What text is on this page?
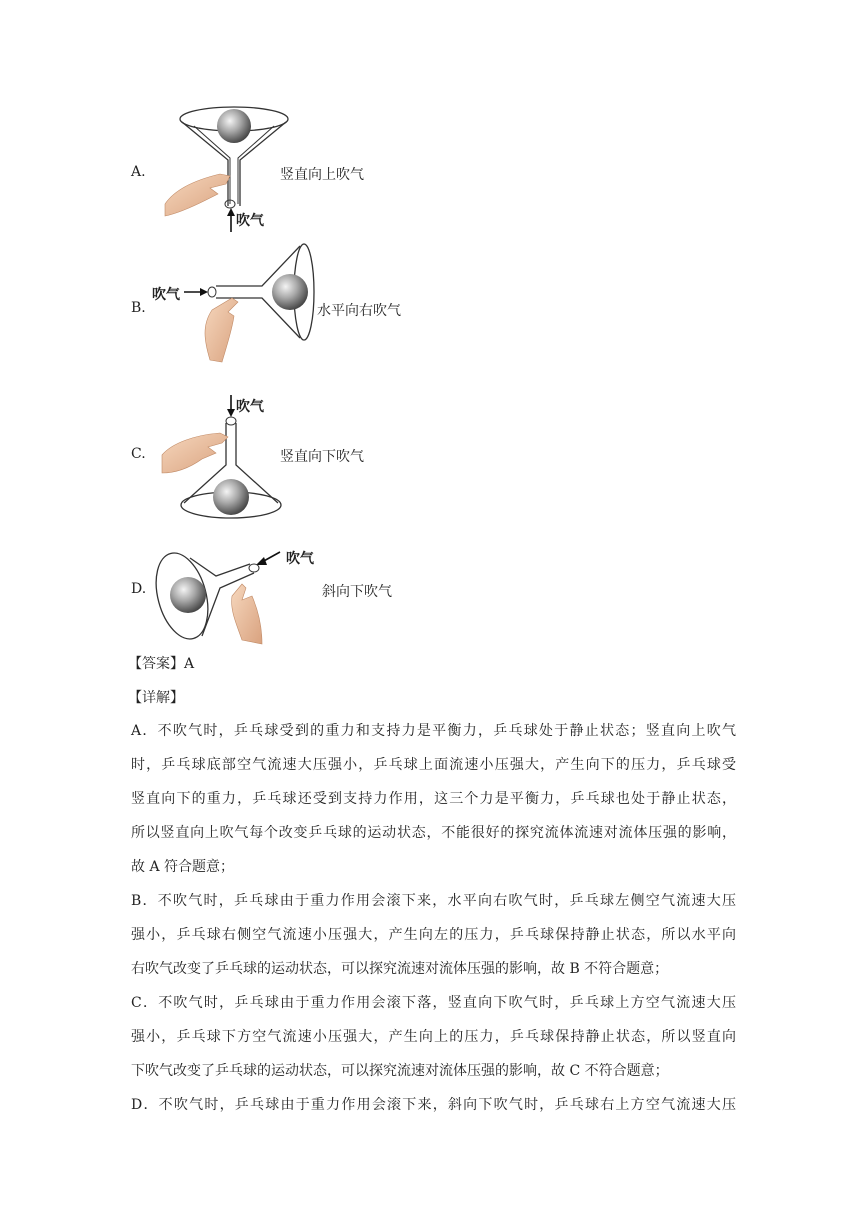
A.
吹气
竖直向上吹气
B.
吹气
水平向右吹气
C.
吹气
竖直向下吹气
D.
吹气
斜向下吹气
【答案】A
【详解】
A．不吹气时，乒乓球受到的重力和支持力是平衡力，乒乓球处于静止状态；竖直向上吹气
时，乒乓球底部空气流速大压强小，乒乓球上面流速小压强大，产生向下的压力，乒乓球受
竖直向下的重力，乒乓球还受到支持力作用，这三个力是平衡力，乒乓球也处于静止状态，
所以竖直向上吹气每个改变乒乓球的运动状态，不能很好的探究流体流速对流体压强的影响，
故 A 符合题意；
B．不吹气时，乒乓球由于重力作用会滚下来，水平向右吹气时，乒乓球左侧空气流速大压
强小，乒乓球右侧空气流速小压强大，产生向左的压力，乒乓球保持静止状态，所以水平向
右吹气改变了乒乓球的运动状态，可以探究流速对流体压强的影响，故 B 不符合题意；
C．不吹气时，乒乓球由于重力作用会滚下落，竖直向下吹气时，乒乓球上方空气流速大压
强小，乒乓球下方空气流速小压强大，产生向上的压力，乒乓球保持静止状态，所以竖直向
下吹气改变了乒乓球的运动状态，可以探究流速对流体压强的影响，故 C 不符合题意；
D．不吹气时，乒乓球由于重力作用会滚下来，斜向下吹气时，乒乓球右上方空气流速大压
